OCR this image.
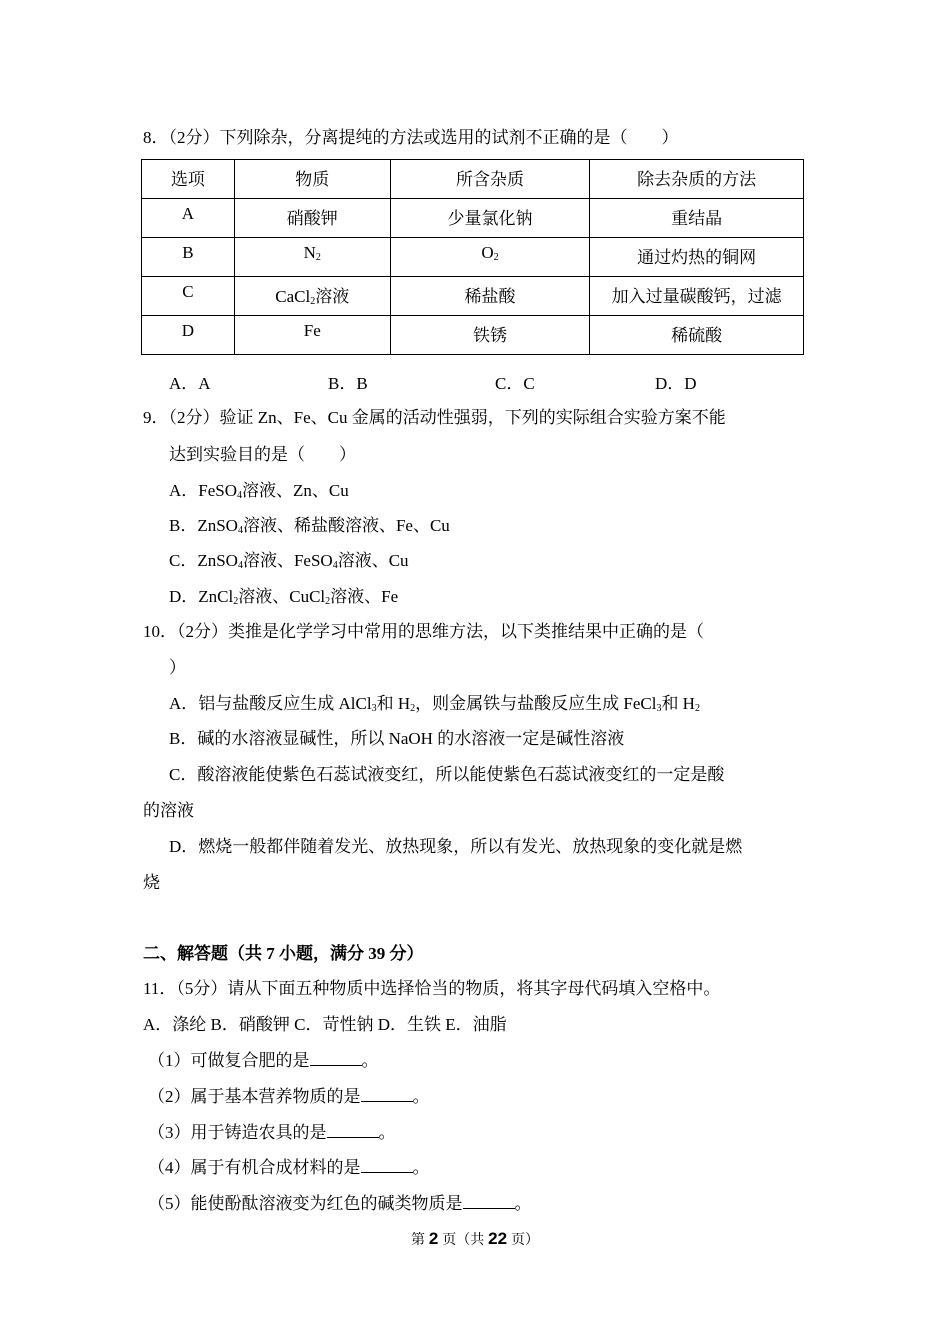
8．（2分）下列除杂，分离提纯的方法或选用的试剂不正确的是（　　）
选项	物质	所含杂质	除去杂质的方法
A	硝酸钾	少量氯化钠	重结晶
B	$N_2$	$O_2$	通过灼热的铜网
C	CaCl$_2$溶液	稀盐酸	加入过量碳酸钙，过滤
D	Fe	铁锈	稀硫酸
A．A	B．B	C．C	D．D
9．（2分）验证 Zn、Fe、Cu 金属的活动性强弱，下列的实际组合实验方案不能
达到实验目的是（　　）
A．FeSO$_4$溶液、Zn、Cu
B．ZnSO$_4$溶液、稀盐酸溶液、Fe、Cu
C．ZnSO$_4$溶液、FeSO$_4$溶液、Cu
D．ZnCl$_2$溶液、CuCl$_2$溶液、Fe
10．（2分）类推是化学学习中常用的思维方法，以下类推结果中正确的是（
）
A．铝与盐酸反应生成 AlCl$_3$和 $H_2$，则金属铁与盐酸反应生成 FeCl$_3$和 $H_2$
B．碱的水溶液显碱性，所以 NaOH 的水溶液一定是碱性溶液
C．酸溶液能使紫色石蕊试液变红，所以能使紫色石蕊试液变红的一定是酸
的溶液
D．燃烧一般都伴随着发光、放热现象，所以有发光、放热现象的变化就是燃
烧
二、解答题（共 7 小题，满分 39 分）
11．（5分）请从下面五种物质中选择恰当的物质，将其字母代码填入空格中。
A．涤纶 B．硝酸钾 C．苛性钠 D．生铁 E．油脂
（1）可做复合肥的是	。
（2）属于基本营养物质的是	。
（3）用于铸造农具的是	。
（4）属于有机合成材料的是	。
（5）能使酚酞溶液变为红色的碱类物质是	。
第 2 页（共 22 页）
